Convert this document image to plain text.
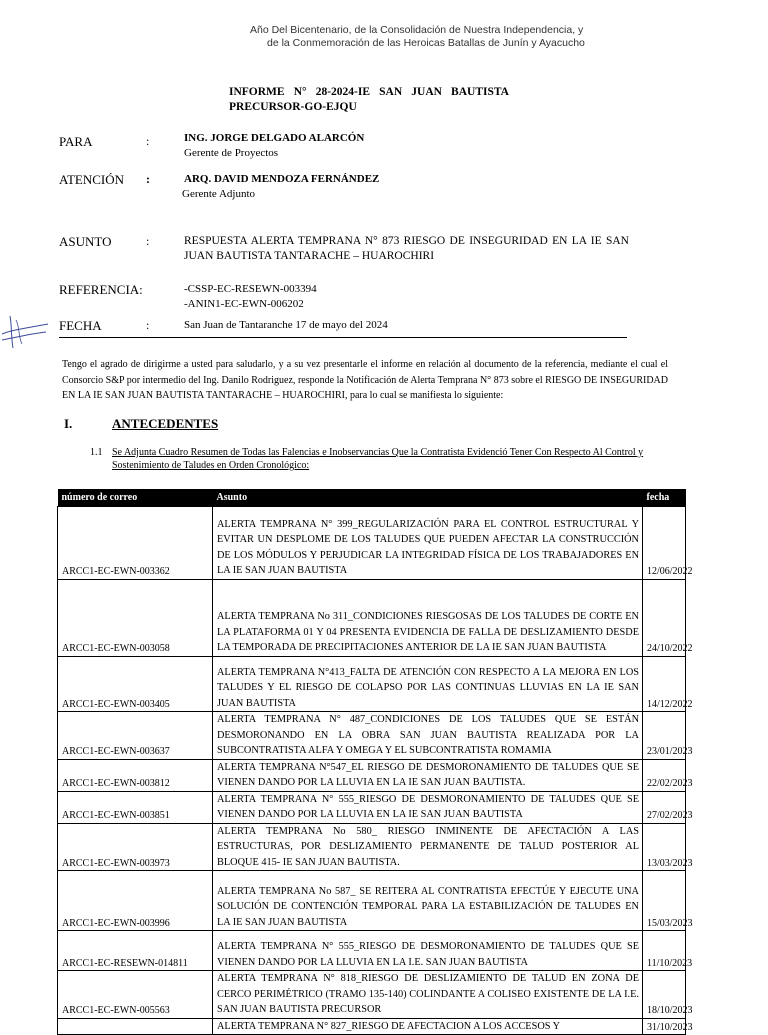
Año Del Bicentenario, de la Consolidación de Nuestra Independencia, y
de la Conmemoración de las Heroicas Batallas de Junín y Ayacucho
INFORME N° 28-2024-IE SAN JUAN BAUTISTA
PRECURSOR-GO-EJQU
PARA	:	ING. JORGE DELGADO ALARCÓN
Gerente de Proyectos
ATENCIÓN :	ARQ. DAVID MENDOZA FERNÁNDEZ
Gerente Adjunto
ASUNTO	:	RESPUESTA ALERTA TEMPRANA N° 873 RIESGO DE INSEGURIDAD EN LA IE SAN JUAN BAUTISTA TANTARACHE – HUAROCHIRI
REFERENCIA:	-CSSP-EC-RESEWN-003394
-ANIN1-EC-EWN-006202
FECHA	:	San Juan de Tantaranche 17 de mayo del 2024

Tengo el agrado de dirigirme a usted para saludarlo, y a su vez presentarle el informe en relación al documento de la referencia, mediante el cual el Consorcio S&P por intermedio del Ing. Danilo Rodriguez, responde la Notificación de Alerta Temprana N° 873 sobre el RIESGO DE INSEGURIDAD EN LA IE SAN JUAN BAUTISTA TANTARACHE – HUAROCHIRI, para lo cual se manifiesta lo siguiente:

I.	ANTECEDENTES
1.1 Se Adjunta Cuadro Resumen de Todas las Falencias e Inobservancias Que la Contratista Evidenció Tener Con Respecto Al Control y Sostenimiento de Taludes en Orden Cronológico:
número de correo	Asunto	fecha
ARCC1-EC-EWN-003362	ALERTA TEMPRANA N° 399_REGULARIZACIÓN PARA EL CONTROL ESTRUCTURAL Y EVITAR UN DESPLOME DE LOS TALUDES QUE PUEDEN AFECTAR LA CONSTRUCCIÓN DE LOS MÓDULOS Y PERJUDICAR LA INTEGRIDAD FÍSICA DE LOS TRABAJADORES EN LA IE SAN JUAN BAUTISTA	12/06/2022
ARCC1-EC-EWN-003058	ALERTA TEMPRANA No 311_CONDICIONES RIESGOSAS DE LOS TALUDES DE CORTE EN LA PLATAFORMA 01 Y 04 PRESENTA EVIDENCIA DE FALLA DE DESLIZAMIENTO DESDE LA TEMPORADA DE PRECIPITACIONES ANTERIOR DE LA IE SAN JUAN BAUTISTA	24/10/2022
ARCC1-EC-EWN-003405	ALERTA TEMPRANA N°413_FALTA DE ATENCIÓN CON RESPECTO A LA MEJORA EN LOS TALUDES Y EL RIESGO DE COLAPSO POR LAS CONTINUAS LLUVIAS EN LA IE SAN JUAN BAUTISTA	14/12/2022
ARCC1-EC-EWN-003637	ALERTA TEMPRANA N° 487_CONDICIONES DE LOS TALUDES QUE SE ESTÁN DESMORONANDO EN LA OBRA SAN JUAN BAUTISTA REALIZADA POR LA SUBCONTRATISTA ALFA Y OMEGA Y EL SUBCONTRATISTA ROMAMIA	23/01/2023
ARCC1-EC-EWN-003812	ALERTA TEMPRANA N°547_EL RIESGO DE DESMORONAMIENTO DE TALUDES QUE SE VIENEN DANDO POR LA LLUVIA EN LA IE SAN JUAN BAUTISTA.	22/02/2023
ARCC1-EC-EWN-003851	ALERTA TEMPRANA N° 555_RIESGO DE DESMORONAMIENTO DE TALUDES QUE SE VIENEN DANDO POR LA LLUVIA EN LA IE SAN JUAN BAUTISTA	27/02/2023
ARCC1-EC-EWN-003973	ALERTA TEMPRANA No 580_ RIESGO INMINENTE DE AFECTACIÓN A LAS ESTRUCTURAS, POR DESLIZAMIENTO PERMANENTE DE TALUD POSTERIOR AL BLOQUE 415- IE SAN JUAN BAUTISTA.	13/03/2023
ARCC1-EC-EWN-003996	ALERTA TEMPRANA No 587_ SE REITERA AL CONTRATISTA EFECTÚE Y EJECUTE UNA SOLUCIÓN DE CONTENCIÓN TEMPORAL PARA LA ESTABILIZACIÓN DE TALUDES EN LA IE SAN JUAN BAUTISTA	15/03/2023
ARCC1-EC-RESEWN-014811	ALERTA TEMPRANA N° 555_RIESGO DE DESMORONAMIENTO DE TALUDES QUE SE VIENEN DANDO POR LA LLUVIA EN LA I.E. SAN JUAN BAUTISTA	11/10/2023
ARCC1-EC-EWN-005563	ALERTA TEMPRANA N° 818_RIESGO DE DESLIZAMIENTO DE TALUD EN ZONA DE CERCO PERIMÉTRICO (TRAMO 135-140) COLINDANTE A COLISEO EXISTENTE DE LA I.E. SAN JUAN BAUTISTA PRECURSOR	18/10/2023
	ALERTA TEMPRANA N° 827_RIESGO DE AFECTACION A LOS ACCESOS Y	31/10/2023
